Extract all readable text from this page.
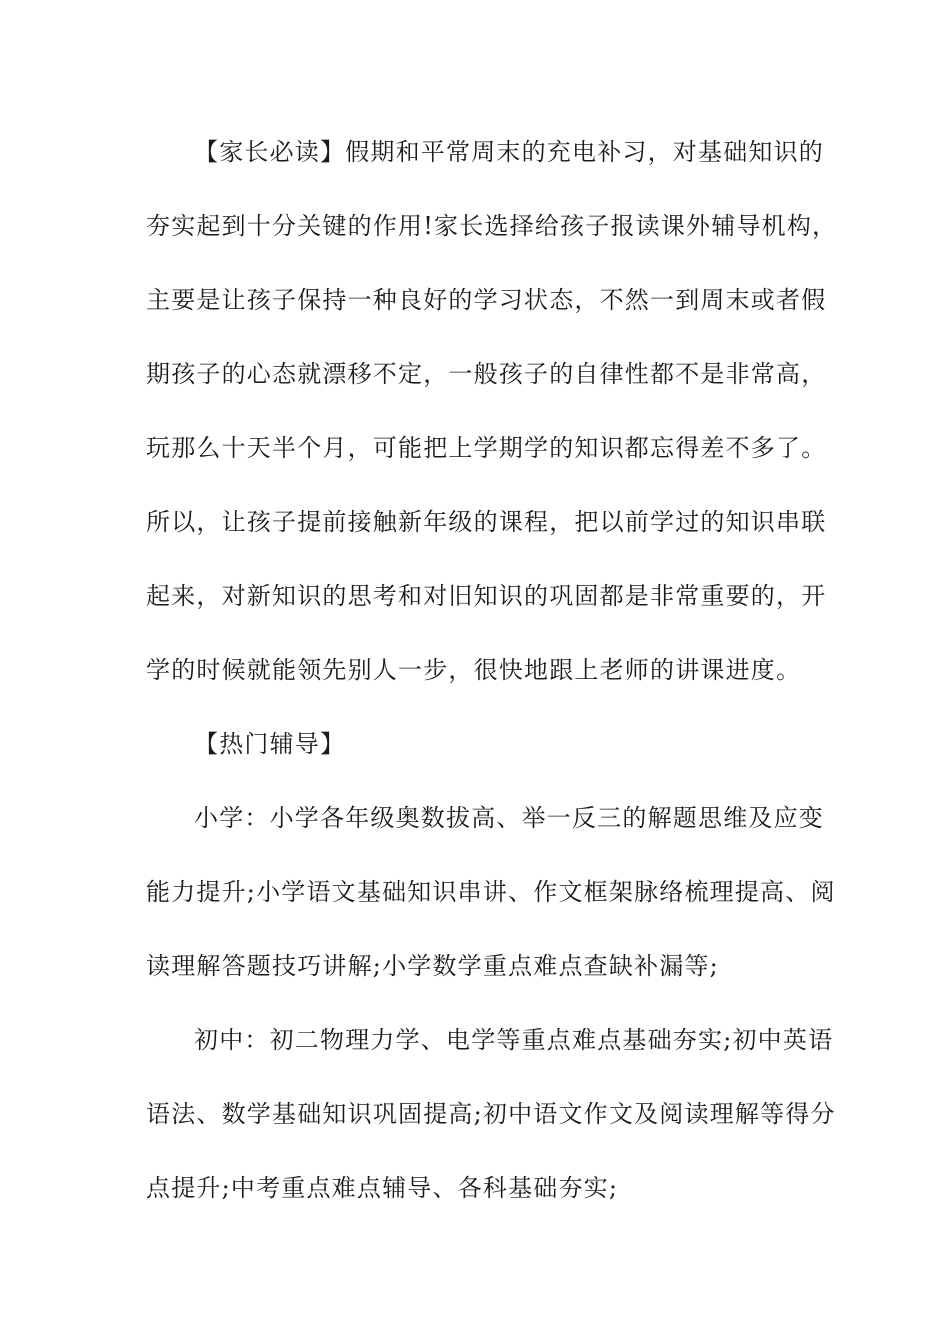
【家长必读】假期和平常周末的充电补习，对基础知识的
夯实起到十分关键的作用!家长选择给孩子报读课外辅导机构，
主要是让孩子保持一种良好的学习状态，不然一到周末或者假
期孩子的心态就漂移不定，一般孩子的自律性都不是非常高，
玩那么十天半个月，可能把上学期学的知识都忘得差不多了。
所以，让孩子提前接触新年级的课程，把以前学过的知识串联
起来，对新知识的思考和对旧知识的巩固都是非常重要的，开
学的时候就能领先别人一步，很快地跟上老师的讲课进度。
【热门辅导】
小学：小学各年级奥数拔高、举一反三的解题思维及应变
能力提升;小学语文基础知识串讲、作文框架脉络梳理提高、阅
读理解答题技巧讲解;小学数学重点难点查缺补漏等;
初中：初二物理力学、电学等重点难点基础夯实;初中英语
语法、数学基础知识巩固提高;初中语文作文及阅读理解等得分
点提升;中考重点难点辅导、各科基础夯实;
